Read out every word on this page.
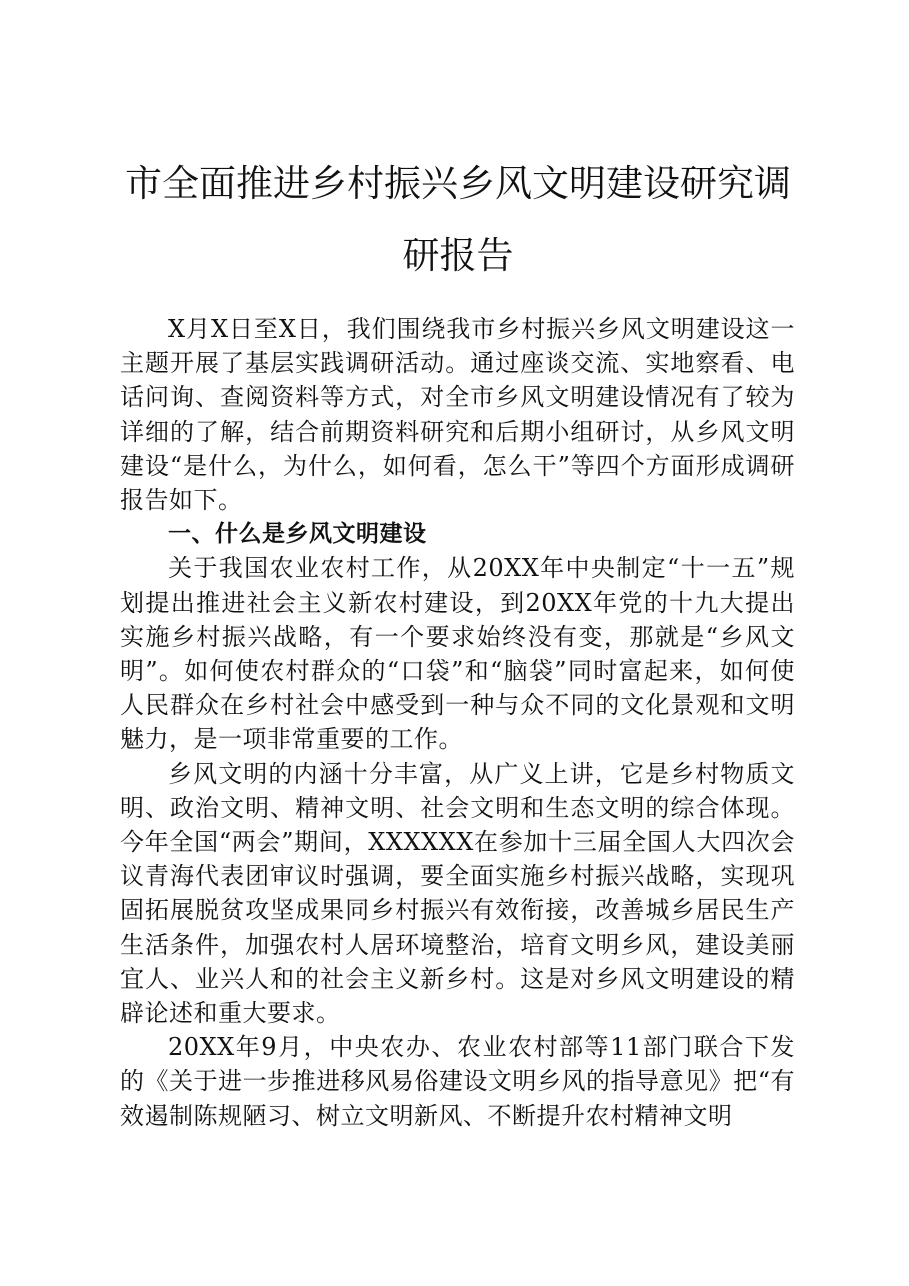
市全面推进乡村振兴乡风文明建设研究调研报告

X月X日至X日，我们围绕我市乡村振兴乡风文明建设这一主题开展了基层实践调研活动。通过座谈交流、实地察看、电话问询、查阅资料等方式，对全市乡风文明建设情况有了较为详细的了解，结合前期资料研究和后期小组研讨，从乡风文明建设“是什么，为什么，如何看，怎么干”等四个方面形成调研报告如下。

一、什么是乡风文明建设

关于我国农业农村工作，从20XX年中央制定“十一五”规划提出推进社会主义新农村建设，到20XX年党的十九大提出实施乡村振兴战略，有一个要求始终没有变，那就是“乡风文明”。如何使农村群众的“口袋”和“脑袋”同时富起来，如何使人民群众在乡村社会中感受到一种与众不同的文化景观和文明魅力，是一项非常重要的工作。

乡风文明的内涵十分丰富，从广义上讲，它是乡村物质文明、政治文明、精神文明、社会文明和生态文明的综合体现。今年全国“两会”期间，XXXXXX在参加十三届全国人大四次会议青海代表团审议时强调，要全面实施乡村振兴战略，实现巩固拓展脱贫攻坚成果同乡村振兴有效衔接，改善城乡居民生产生活条件，加强农村人居环境整治，培育文明乡风，建设美丽宜人、业兴人和的社会主义新乡村。这是对乡风文明建设的精辟论述和重大要求。

20XX年9月，中央农办、农业农村部等11部门联合下发的《关于进一步推进移风易俗建设文明乡风的指导意见》把“有效遏制陈规陋习、树立文明新风、不断提升农村精神文明
